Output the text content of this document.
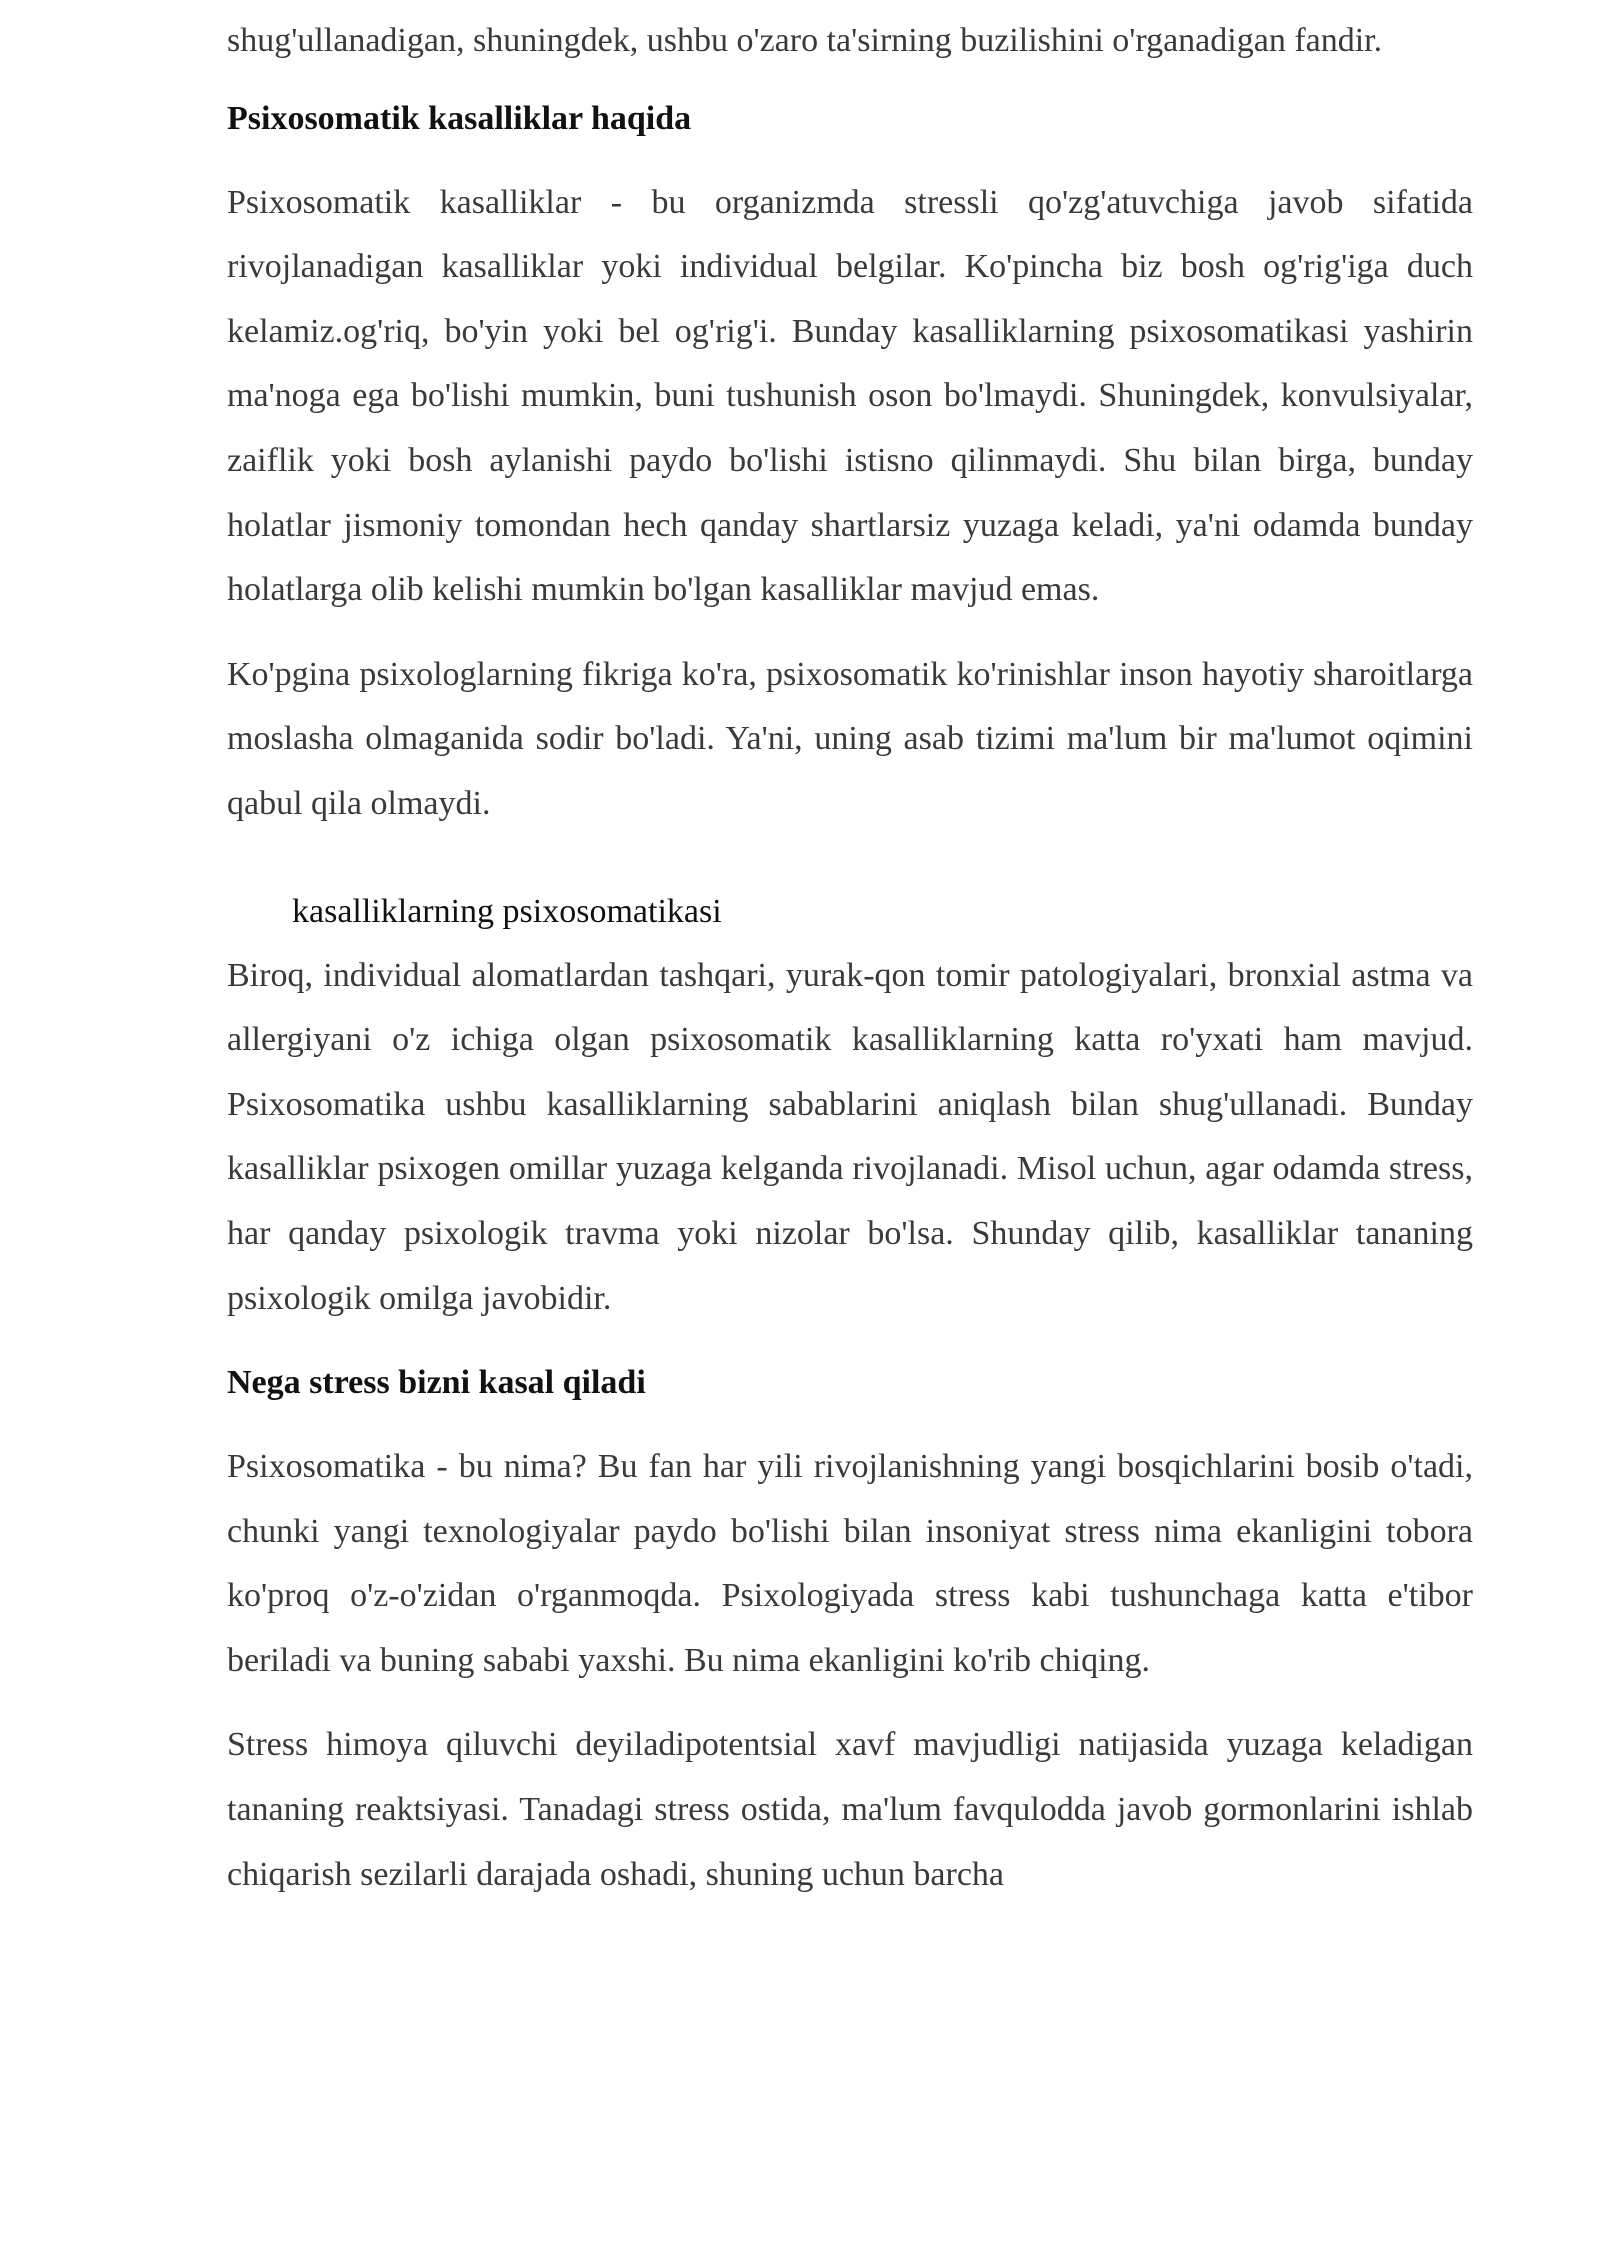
shug'ullanadigan, shuningdek, ushbu o'zaro ta'sirning buzilishini o'rganadigan fandir.

Psixosomatik kasalliklar haqida

Psixosomatik kasalliklar - bu organizmda stressli qo'zg'atuvchiga javob sifatida rivojlanadigan kasalliklar yoki individual belgilar. Ko'pincha biz bosh og'rig'iga duch kelamiz.og'riq, bo'yin yoki bel og'rig'i. Bunday kasalliklarning psixosomatikasi yashirin ma'noga ega bo'lishi mumkin, buni tushunish oson bo'lmaydi. Shuningdek, konvulsiyalar, zaiflik yoki bosh aylanishi paydo bo'lishi istisno qilinmaydi. Shu bilan birga, bunday holatlar jismoniy tomondan hech qanday shartlarsiz yuzaga keladi, ya'ni odamda bunday holatlarga olib kelishi mumkin bo'lgan kasalliklar mavjud emas.

Ko'pgina psixologlarning fikriga ko'ra, psixosomatik ko'rinishlar inson hayotiy sharoitlarga moslasha olmaganida sodir bo'ladi. Ya'ni, uning asab tizimi ma'lum bir ma'lumot oqimini qabul qila olmaydi.

kasalliklarning psixosomatikasi

Biroq, individual alomatlardan tashqari, yurak-qon tomir patologiyalari, bronxial astma va allergiyani o'z ichiga olgan psixosomatik kasalliklarning katta ro'yxati ham mavjud. Psixosomatika ushbu kasalliklarning sabablarini aniqlash bilan shug'ullanadi. Bunday kasalliklar psixogen omillar yuzaga kelganda rivojlanadi. Misol uchun, agar odamda stress, har qanday psixologik travma yoki nizolar bo'lsa. Shunday qilib, kasalliklar tananing psixologik omilga javobidir.

Nega stress bizni kasal qiladi

Psixosomatika - bu nima? Bu fan har yili rivojlanishning yangi bosqichlarini bosib o'tadi, chunki yangi texnologiyalar paydo bo'lishi bilan insoniyat stress nima ekanligini tobora ko'proq o'z-o'zidan o'rganmoqda. Psixologiyada stress kabi tushunchaga katta e'tibor beriladi va buning sababi yaxshi. Bu nima ekanligini ko'rib chiqing.

Stress himoya qiluvchi deyiladipotentsial xavf mavjudligi natijasida yuzaga keladigan tananing reaktsiyasi. Tanadagi stress ostida, ma'lum favqulodda javob gormonlarini ishlab chiqarish sezilarli darajada oshadi, shuning uchun barcha
